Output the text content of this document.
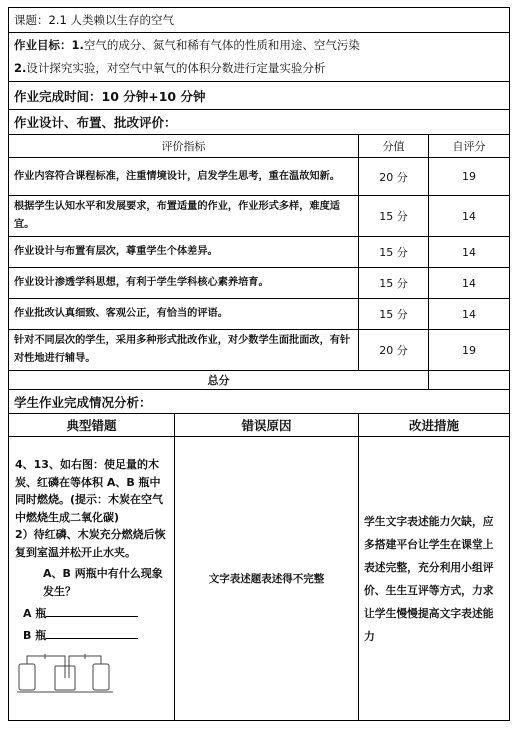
课题：2.1 人类赖以生存的空气			

作业目标：1.空气的成分、氮气和稀有气体的性质和用途、空气污染
2.设计探究实验，对空气中氧气的体积分数进行定量实验分析			

作业完成时间：10 分钟+10 分钟			
作业设计、布置、批改评价：			
评价指标		分值	自评分
作业内容符合课程标准，注重情境设计，启发学生思考，重在温故知新。		20 分	19
根据学生认知水平和发展要求，布置适量的作业，作业形式多样，难度适宜。		15 分	14
作业设计与布置有层次，尊重学生个体差异。		15 分	14
作业设计渗透学科思想，有利于学生学科核心素养培育。		15 分	14
作业批改认真细致、客观公正，有恰当的评语。		15 分	14
针对不同层次的学生，采用多种形式批改作业，对少数学生面批面改，有针对性地进行辅导。		20 分	19
总分			
学生作业完成情况分析：			
典型错题	错误原因	改进措施	

4、13、如右图：使足量的木炭、红磷在等体积 A、B 瓶中同时燃烧。(提示：木炭在空气中燃烧生成二氧化碳)
2）待红磷、木炭充分燃烧后恢复到室温并松开止水夹。
A、B 两瓶中有什么现象发生？
A 瓶
B 瓶	文字表述题表述得不完整	学生文字表述能力欠缺，应多搭建平台让学生在课堂上表述完整，充分利用小组评价、生生互评等方式，力求让学生慢慢提高文字表述能力	
